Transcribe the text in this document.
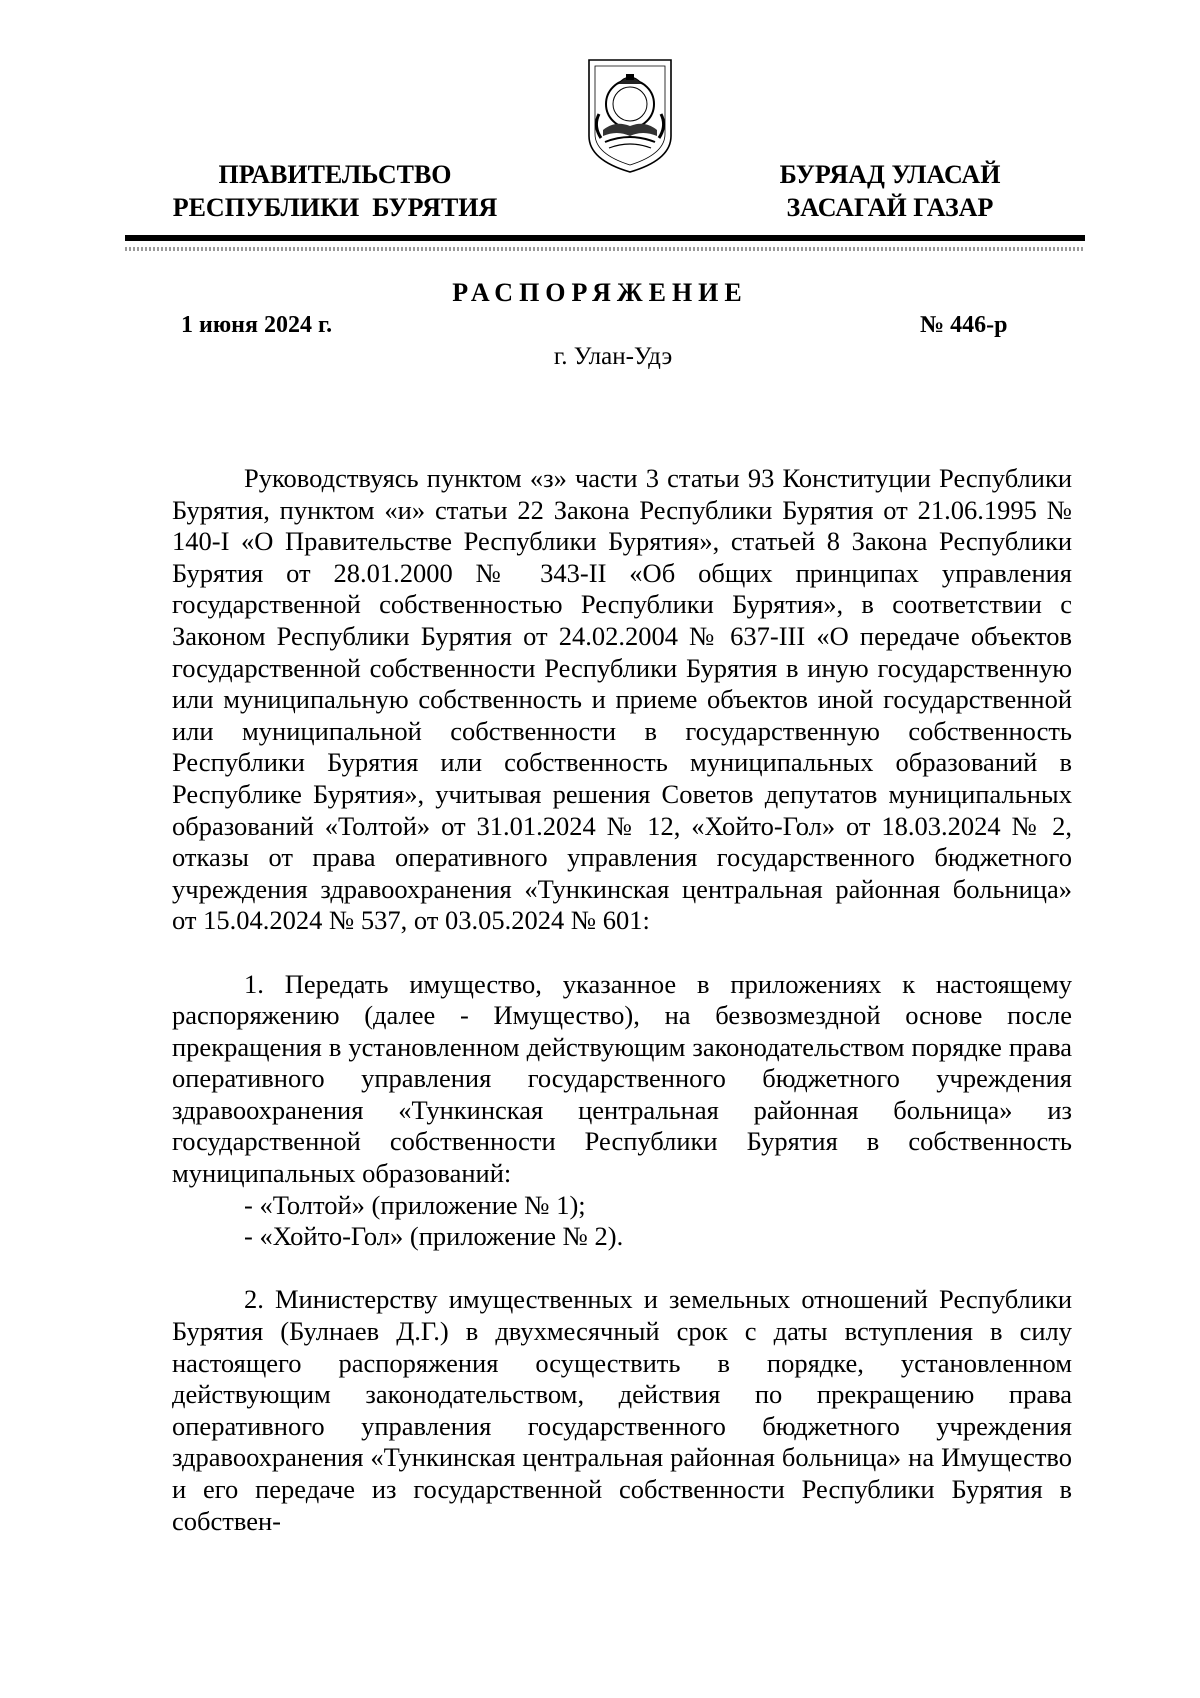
ПРАВИТЕЛЬСТВО
РЕСПУБЛИКИ  БУРЯТИЯ
БУРЯАД УЛАСАЙ
ЗАСАГАЙ ГАЗАР
РАСПОРЯЖЕНИЕ
1 июня 2024 г.	№ 446-р
г. Улан-Удэ

Руководствуясь пунктом «з» части 3 статьи 93 Конституции Республики Бурятия, пунктом «и» статьи 22 Закона Республики Бурятия от 21.06.1995 № 140-I «О Правительстве Республики Бурятия», статьей 8 Закона Республики Бурятия от 28.01.2000 № 343-II «Об общих принципах управления государственной собственностью Республики Бурятия», в соответствии с Законом Республики Бурятия от 24.02.2004 № 637-III «О передаче объектов государственной собственности Республики Бурятия в иную государственную или муниципальную собственность и приеме объектов иной государственной или муниципальной собственности в государственную собственность Республики Бурятия или собственность муниципальных образований в Республике Бурятия», учитывая решения Советов депутатов муниципальных образований «Толтой» от 31.01.2024 № 12, «Хойто-Гол» от 18.03.2024 № 2, отказы от права оперативного управления государственного бюджетного учреждения здравоохранения «Тункинская центральная районная больница» от 15.04.2024 № 537, от 03.05.2024 № 601:

1. Передать имущество, указанное в приложениях к настоящему распоряжению (далее - Имущество), на безвозмездной основе после прекращения в установленном действующим законодательством порядке права оперативного управления государственного бюджетного учреждения здравоохранения «Тункинская центральная районная больница» из государственной собственности Республики Бурятия в собственность муниципальных образований:

- «Толтой» (приложение № 1);

- «Хойто-Гол» (приложение № 2).

2. Министерству имущественных и земельных отношений Республики Бурятия (Булнаев Д.Г.) в двухмесячный срок с даты вступления в силу настоящего распоряжения осуществить в порядке, установленном действующим законодательством, действия по прекращению права оперативного управления государственного бюджетного учреждения здравоохранения «Тункинская центральная районная больница» на Имущество и его передаче из государственной собственности Республики Бурятия в собствен-
